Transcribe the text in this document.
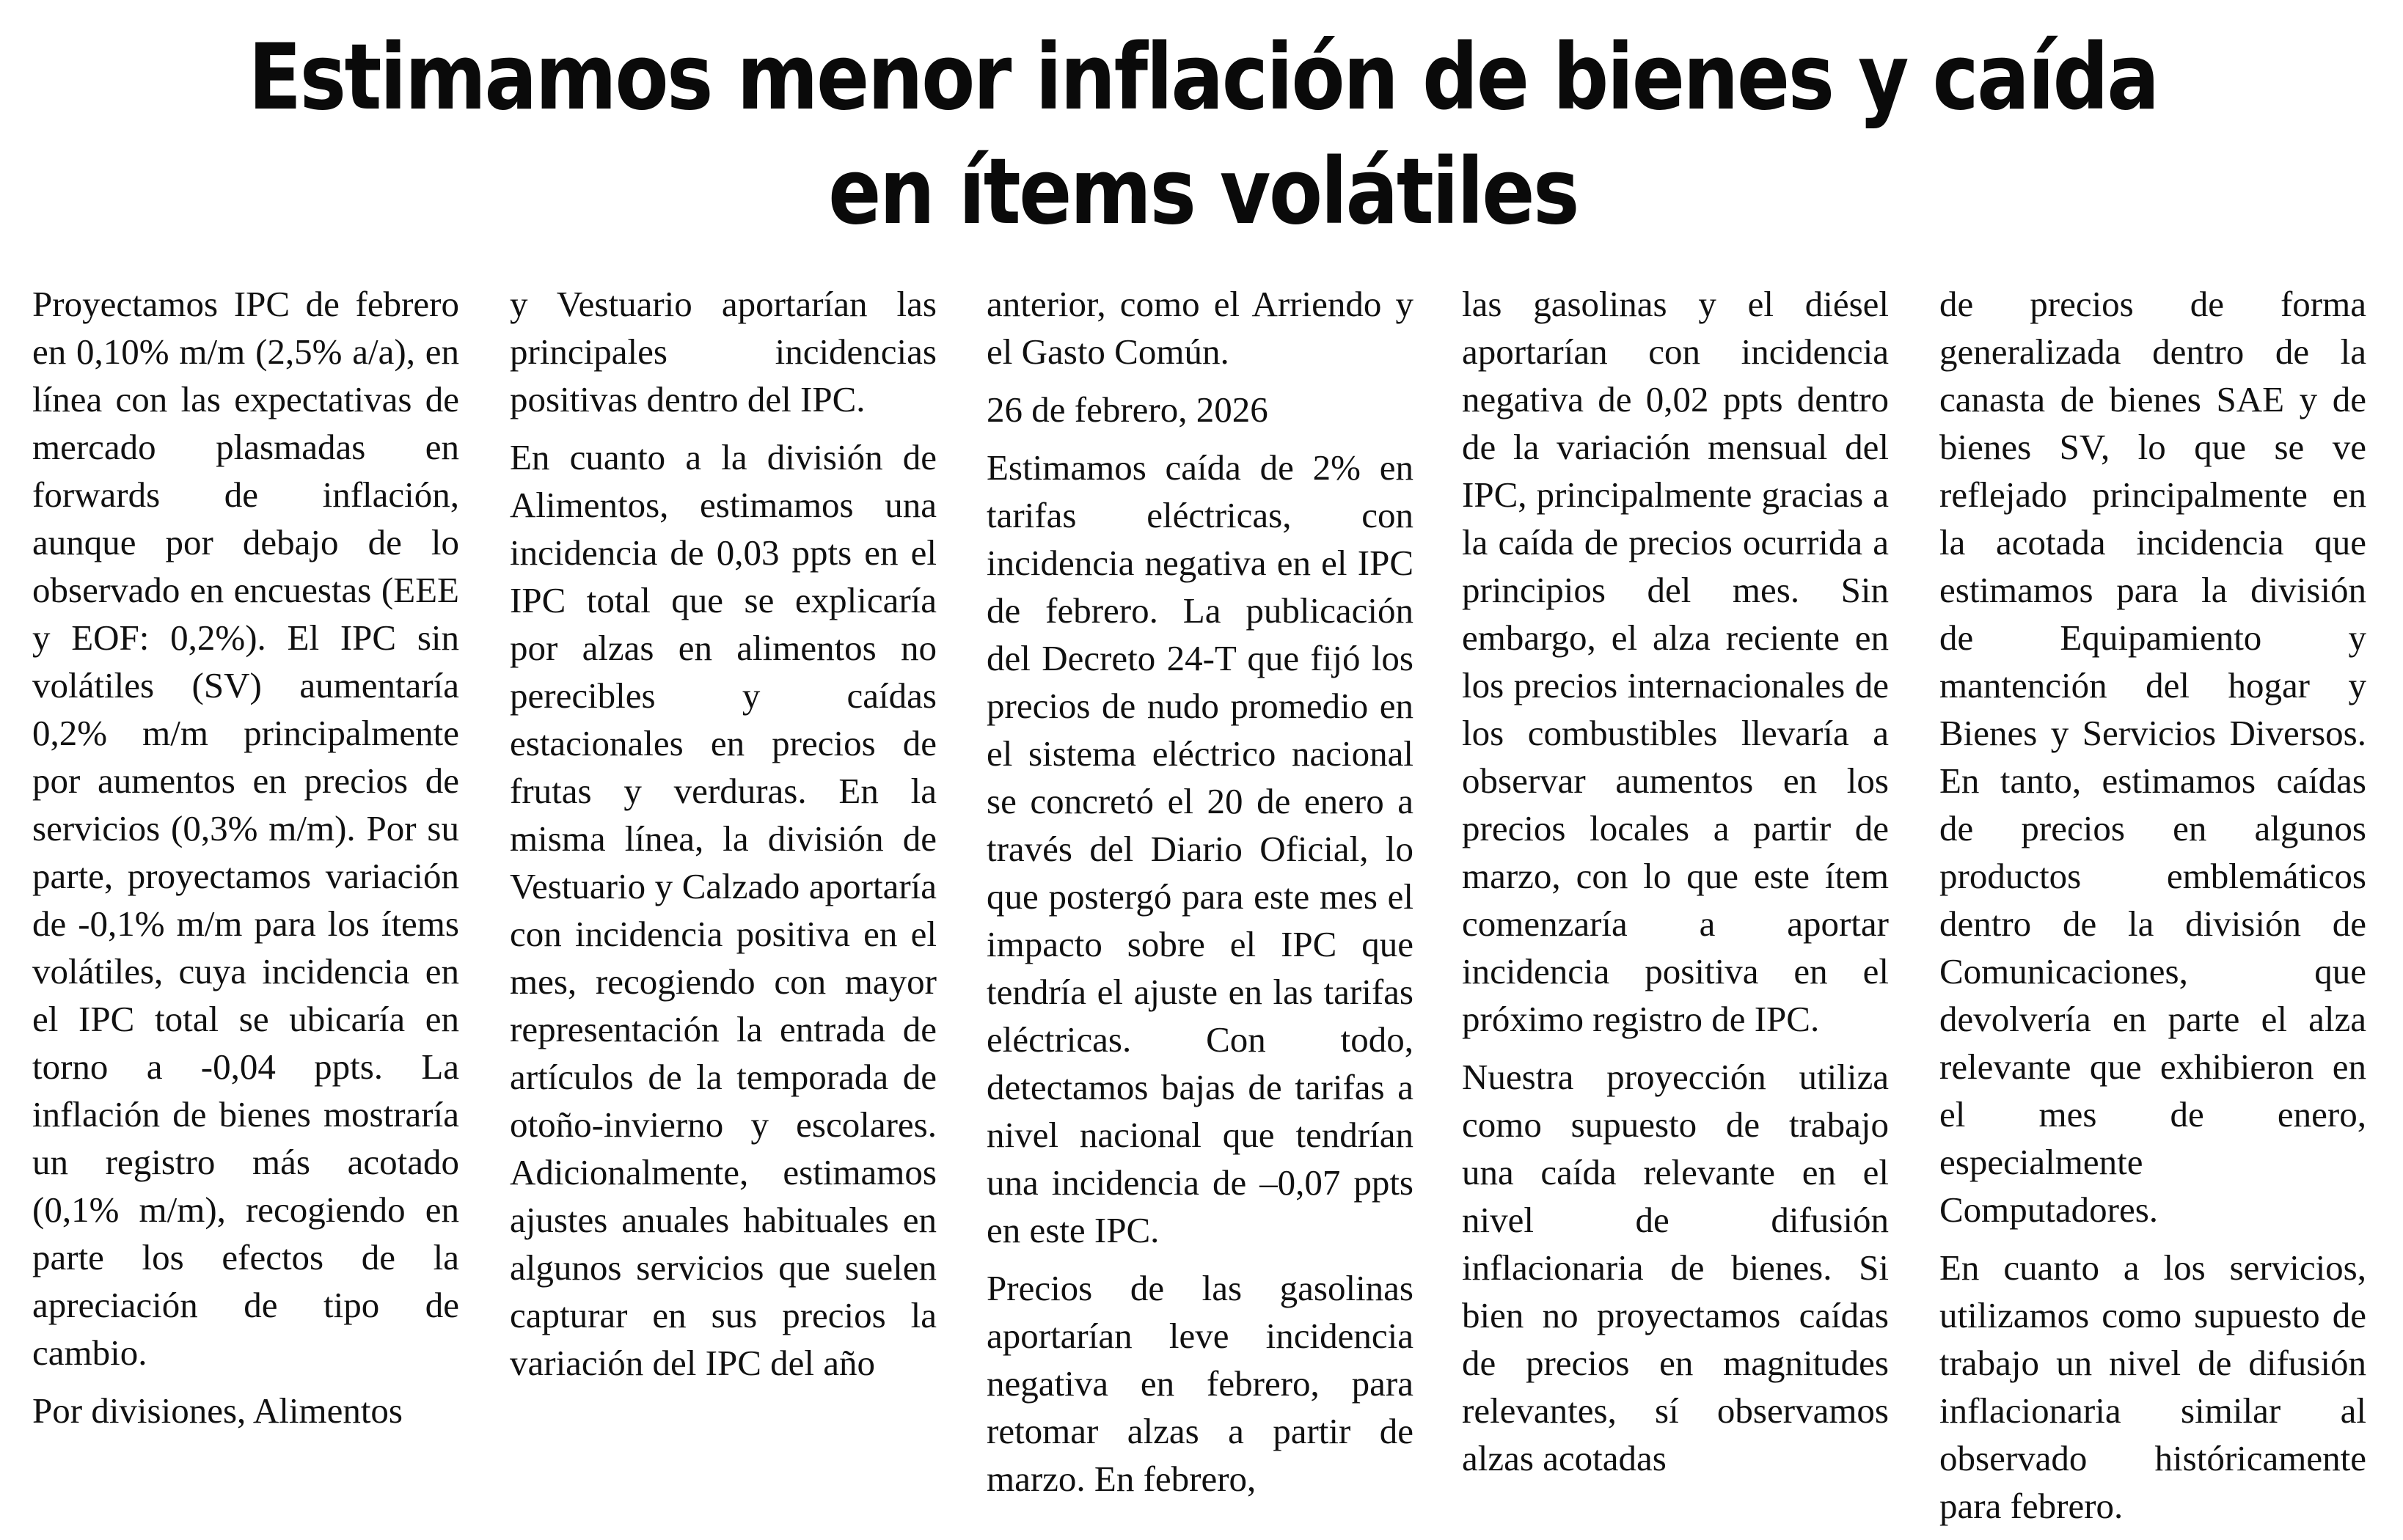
Estimamos menor inflación de bienes y caída en ítems volátiles

Proyectamos IPC de febrero en 0,10% m/m (2,5% a/a), en línea con las expectativas de mercado plasmadas en forwards de inflación, aunque por debajo de lo observado en encuestas (EEE y EOF: 0,2%). El IPC sin volátiles (SV) aumentaría 0,2% m/m principalmente por aumentos en precios de servicios (0,3% m/m). Por su parte, proyectamos variación de -0,1% m/m para los ítems volátiles, cuya incidencia en el IPC total se ubicaría en torno a -0,04 ppts. La inflación de bienes mostraría un registro más acotado (0,1% m/m), recogiendo en parte los efectos de la apreciación de tipo de cambio.

Por divisiones, Alimentos

y Vestuario aportarían las principales incidencias positivas dentro del IPC.

En cuanto a la división de Alimentos, estimamos una incidencia de 0,03 ppts en el IPC total que se explicaría por alzas en alimentos no perecibles y caídas estacionales en precios de frutas y verduras. En la misma línea, la división de Vestuario y Calzado aportaría con incidencia positiva en el mes, recogiendo con mayor representación la entrada de artículos de la temporada de otoño-invierno y escolares. Adicionalmente, estimamos ajustes anuales habituales en algunos servicios que suelen capturar en sus precios la variación del IPC del año

anterior, como el Arriendo y el Gasto Común.

26 de febrero, 2026

Estimamos caída de 2% en tarifas eléctricas, con incidencia negativa en el IPC de febrero. La publicación del Decreto 24-T que fijó los precios de nudo promedio en el sistema eléctrico nacional se concretó el 20 de enero a través del Diario Oficial, lo que postergó para este mes el impacto sobre el IPC que tendría el ajuste en las tarifas eléctricas. Con todo, detectamos bajas de tarifas a nivel nacional que tendrían una incidencia de –0,07 ppts en este IPC.

Precios de las gasolinas aportarían leve incidencia negativa en febrero, para retomar alzas a partir de marzo. En febrero,

las gasolinas y el diésel aportarían con incidencia negativa de 0,02 ppts dentro de la variación mensual del IPC, principalmente gracias a la caída de precios ocurrida a principios del mes. Sin embargo, el alza reciente en los precios internacionales de los combustibles llevaría a observar aumentos en los precios locales a partir de marzo, con lo que este ítem comenzaría a aportar incidencia positiva en el próximo registro de IPC.

Nuestra proyección utiliza como supuesto de trabajo una caída relevante en el nivel de difusión inflacionaria de bienes. Si bien no proyectamos caídas de precios en magnitudes relevantes, sí observamos alzas acotadas

de precios de forma generalizada dentro de la canasta de bienes SAE y de bienes SV, lo que se ve reflejado principalmente en la acotada incidencia que estimamos para la división de Equipamiento y mantención del hogar y Bienes y Servicios Diversos. En tanto, estimamos caídas de precios en algunos productos emblemáticos dentro de la división de Comunicaciones, que devolvería en parte el alza relevante que exhibieron en el mes de enero, especialmente Computadores.

En cuanto a los servicios, utilizamos como supuesto de trabajo un nivel de difusión inflacionaria similar al observado históricamente para febrero.
